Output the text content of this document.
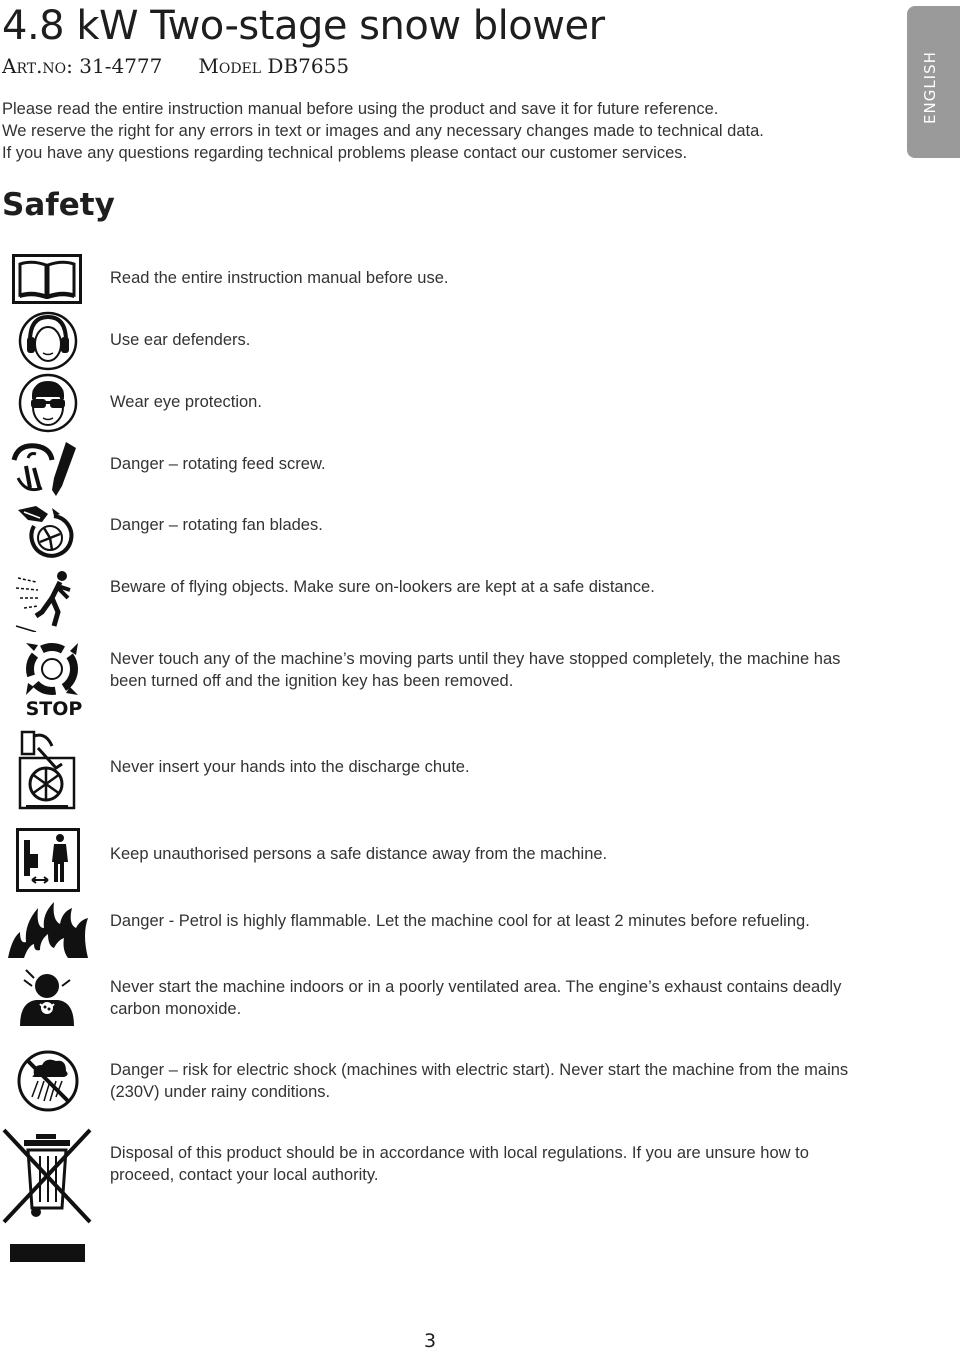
4.8 kW Two-stage snow blower
Art.no: 31-4777 Model DB7655	ENGLISH

Please read the entire instruction manual before using the product and save it for future reference.

We reserve the right for any errors in text or images and any necessary changes made to technical data.

If you have any questions regarding technical problems please contact our customer services.

Safety
Read the entire instruction manual before use.
Use ear defenders.
Wear eye protection.
Danger – rotating feed screw.
Danger – rotating fan blades.
Beware of flying objects. Make sure on-lookers are kept at a safe distance.
STOP
Never touch any of the machine’s moving parts until they have stopped completely, the machine has been turned off and the ignition key has been removed.
Never insert your hands into the discharge chute.
Keep unauthorised persons a safe distance away from the machine.
Danger - Petrol is highly flammable. Let the machine cool for at least 2 minutes before refueling.
Never start the machine indoors or in a poorly ventilated area. The engine’s exhaust contains deadly carbon monoxide.
Danger – risk for electric shock (machines with electric start). Never start the machine from the mains (230V) under rainy conditions.
Disposal of this product should be in accordance with local regulations. If you are unsure how to proceed, contact your local authority.
3
